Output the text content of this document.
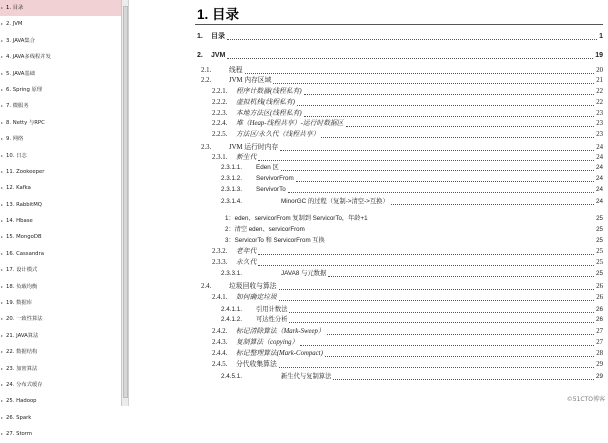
▸ 1. 目录
▸ 2. JVM
▸ 3. JAVA集合
▸ 4. JAVA多线程并发
▸ 5. JAVA基础
▸ 6. Spring 原理
▸ 7. 微服务
▸ 8. Netty 与RPC
▸ 9. 网络
▸ 10. 日志
▸ 11. Zookeeper
▸ 12. Kafka
▸ 13. RabbitMQ
▸ 14. Hbase
▸ 15. MongoDB
▸ 16. Cassandra
▸ 17. 设计模式
▸ 18. 负载均衡
▸ 19. 数据库
▸ 20. 一致性算法
▸ 21. JAVA算法
▸ 22. 数据结构
▸ 23. 加密算法
▸ 24. 分布式缓存
▸ 25. Hadoop
▸ 26. Spark
▸ 27. Storm
1. 目录
1. 目录	1
2. JVM	19
2.1.	线程	20
2.2.	JVM 内存区域	21
2.2.1. 程序计数器(线程私有)	22
2.2.2. 虚拟机栈(线程私有)	22
2.2.3. 本地方法区(线程私有)	23
2.2.4. 堆（Heap-线程共享）-运行时数据区	23
2.2.5. 方法区/永久代（线程共享）	23
2.3.	JVM 运行时内存	24
2.3.1. 新生代	24
2.3.1.1. Eden 区	24
2.3.1.2. ServivorFrom	24
2.3.1.3. ServivorTo	24
2.3.1.4.	MinorGC 的过程（复制->清空->互换）	24
1：eden、servicorFrom 复制到 ServicorTo，年龄+1	25
2：清空 eden、servicorFrom	25
3：ServicorTo 和 ServicorFrom 互换	25
2.3.2. 老年代	25
2.3.3. 永久代	25
2.3.3.1.	JAVA8 与元数据	25
2.4.	垃圾回收与算法	26
2.4.1. 如何确定垃圾	26
2.4.1.1. 引用计数法	26
2.4.1.2. 可达性分析	26
2.4.2. 标记清除算法（Mark-Sweep）	27
2.4.3. 复制算法（copying）	27
2.4.4. 标记整理算法(Mark-Compact)	28
2.4.5. 分代收集算法	29
2.4.5.1.	新生代与复制算法	29
©51CTO博客
